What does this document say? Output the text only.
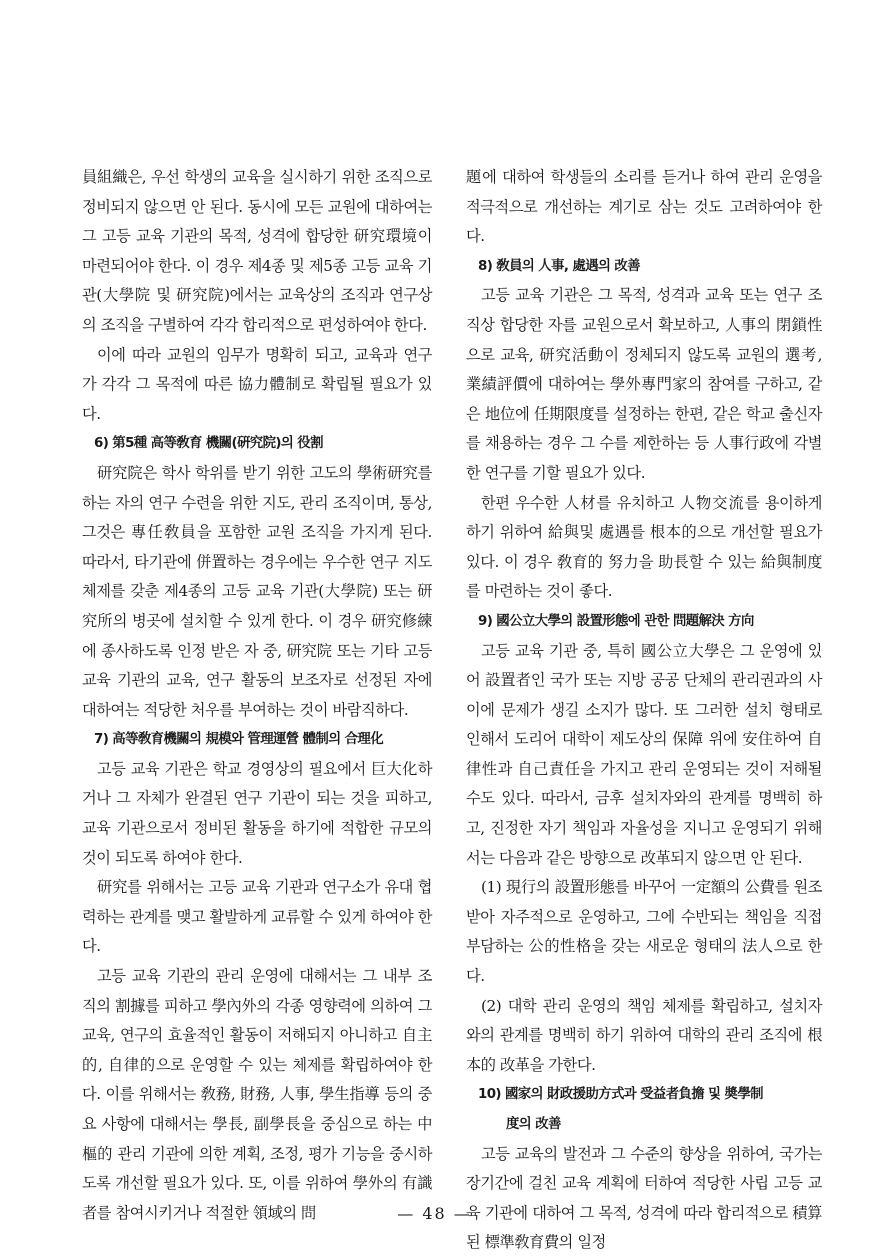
員組織은, 우선 학생의 교육을 실시하기 위한 조직으로 정비되지 않으면 안 된다. 동시에 모든 교원에 대하여는 그 고등 교육 기관의 목적, 성격에 합당한 研究環境이 마련되어야 한다. 이 경우 제4종 및 제5종 고등 교육 기관(大學院 및 研究院)에서는 교육상의 조직과 연구상의 조직을 구별하여 각각 합리적으로 편성하여야 한다.

이에 따라 교원의 임무가 명확히 되고, 교육과 연구가 각각 그 목적에 따른 協力體制로 확립될 필요가 있다.

6) 第5種 高等敎育 機關(硏究院)의 役割

研究院은 학사 학위를 받기 위한 고도의 學術研究를 하는 자의 연구 수련을 위한 지도, 관리 조직이며, 통상, 그것은 專任敎員을 포함한 교원 조직을 가지게 된다. 따라서, 타기관에 併置하는 경우에는 우수한 연구 지도 체제를 갖춘 제4종의 고등 교육 기관(大學院) 또는 研究所의 병곳에 설치할 수 있게 한다. 이 경우 研究修練에 종사하도록 인정 받은 자 중, 研究院 또는 기타 고등 교육 기관의 교육, 연구 활동의 보조자로 선정된 자에 대하여는 적당한 처우를 부여하는 것이 바람직하다.

7) 高等敎育機關의 規模와 管理運營 體制의 合理化

고등 교육 기관은 학교 경영상의 필요에서 巨大化하거나 그 자체가 완결된 연구 기관이 되는 것을 피하고, 교육 기관으로서 정비된 활동을 하기에 적합한 규모의 것이 되도록 하여야 한다.

研究를 위해서는 고등 교육 기관과 연구소가 유대 협력하는 관계를 맺고 활발하게 교류할 수 있게 하여야 한다.

고등 교육 기관의 관리 운영에 대해서는 그 내부 조직의 割據를 피하고 學內外의 각종 영향력에 의하여 그 교육, 연구의 효율적인 활동이 저해되지 아니하고 自主的, 自律的으로 운영할 수 있는 체제를 확립하여야 한다. 이를 위해서는 敎務, 財務, 人事, 學生指導 등의 중요 사항에 대해서는 學長, 副學長을 중심으로 하는 中樞的 관리 기관에 의한 계획, 조정, 평가 기능을 중시하도록 개선할 필요가 있다. 또, 이를 위하여 學外의 有識者를 참여시키거나 적절한 領域의 問

題에 대하여 학생들의 소리를 듣거나 하여 관리 운영을 적극적으로 개선하는 계기로 삼는 것도 고려하여야 한다.

8) 敎員의 人事, 處遇의 改善

고등 교육 기관은 그 목적, 성격과 교육 또는 연구 조직상 합당한 자를 교원으로서 확보하고, 人事의 閉鎖性으로 교육, 研究活動이 정체되지 않도록 교원의 選考, 業績評價에 대하여는 學外專門家의 참여를 구하고, 같은 地位에 任期限度를 설정하는 한편, 같은 학교 출신자를 채용하는 경우 그 수를 제한하는 등 人事行政에 각별한 연구를 기할 필요가 있다.

한편 우수한 人材를 유치하고 人物交流를 용이하게 하기 위하여 給與및 處遇를 根本的으로 개선할 필요가 있다. 이 경우 敎育的 努力을 助長할 수 있는 給與制度를 마련하는 것이 좋다.

9) 國公立大學의 設置形態에 관한 問題解決 方向

고등 교육 기관 중, 특히 國公立大學은 그 운영에 있어 設置者인 국가 또는 지방 공공 단체의 관리권과의 사이에 문제가 생길 소지가 많다. 또 그러한 설치 형태로 인해서 도리어 대학이 제도상의 保障 위에 安住하여 自律性과 自己責任을 가지고 관리 운영되는 것이 저해될 수도 있다. 따라서, 금후 설치자와의 관계를 명백히 하고, 진정한 자기 책임과 자율성을 지니고 운영되기 위해서는 다음과 같은 방향으로 改革되지 않으면 안 된다.

(1) 現行의 設置形態를 바꾸어 一定額의 公費를 원조 받아 자주적으로 운영하고, 그에 수반되는 책임을 직접 부담하는 公的性格을 갖는 새로운 형태의 法人으로 한다.

(2) 대학 관리 운영의 책임 체제를 확립하고, 설치자와의 관계를 명백히 하기 위하여 대학의 관리 조직에 根本的 改革을 가한다.

10) 國家의 財政援助方式과 受益者負擔 및 奬學制
度의 改善

고등 교육의 발전과 그 수준의 향상을 위하여, 국가는 장기간에 걸친 교육 계획에 터하여 적당한 사립 고등 교육 기관에 대하여 그 목적, 성격에 따라 합리적으로 積算된 標準敎育費의 일정

— 48 —
